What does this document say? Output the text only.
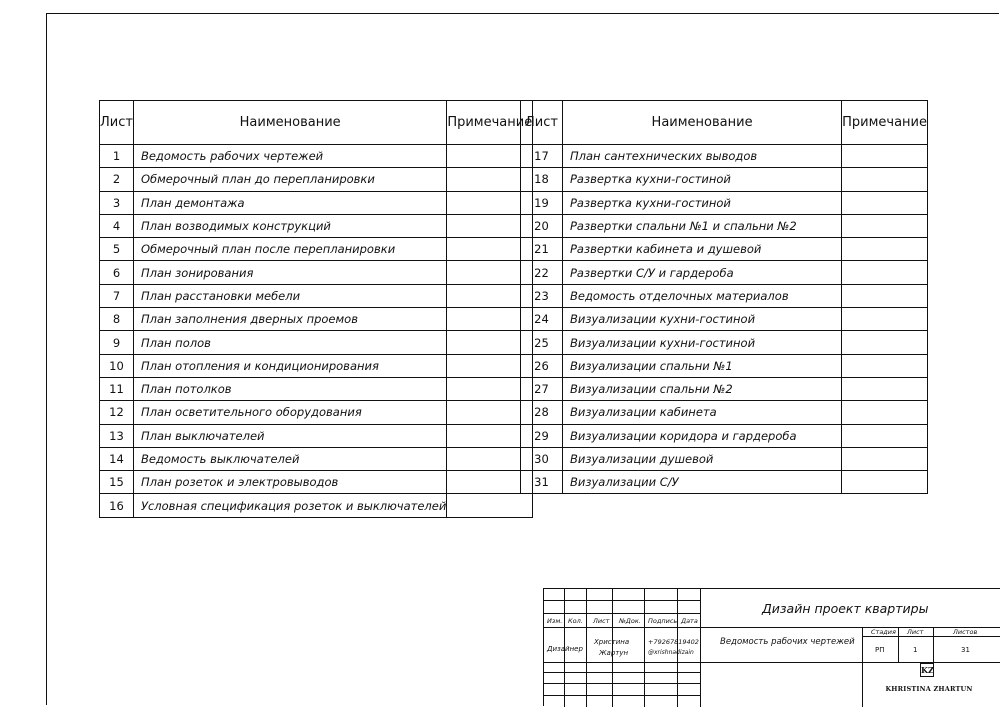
Лист	Наименование	Примечание
1	Ведомость рабочих чертежей	
2	Обмерочный план до перепланировки	
3	План демонтажа	
4	План возводимых конструкций	
5	Обмерочный план после перепланировки	
6	План зонирования	
7	План расстановки мебели	
8	План заполнения дверных проемов	
9	План полов	
10	План отопления и кондиционирования	
11	План потолков	
12	План осветительного оборудования	
13	План выключателей	
14	Ведомость выключателей	
15	План розеток и электровыводов	
16	Условная спецификация розеток и выключателей	
Лист	Наименование	Примечание
17	План сантехнических выводов	
18	Развертка кухни-гостиной	
19	Развертка кухни-гостиной	
20	Развертки спальни №1 и спальни №2	
21	Развертки кабинета и душевой	
22	Развертки С/У и гардероба	
23	Ведомость отделочных материалов	
24	Визуализации кухни-гостиной	
25	Визуализации кухни-гостиной	
26	Визуализации спальни №1	
27	Визуализации спальни №2	
28	Визуализации кабинета	
29	Визуализации коридора и гардероба	
30	Визуализации душевой	
31	Визуализации С/У	
Изм. Кол. Лист №Док. Подпись Дата
Дизайнер
Христина
Жартун
+79267819402
@xrishnadizain
Дизайн проект квартиры
Ведомость рабочих чертежей
Стадия Лист	Листов
РП	1	31
KZ
KHRISTINA ZHARTUN
